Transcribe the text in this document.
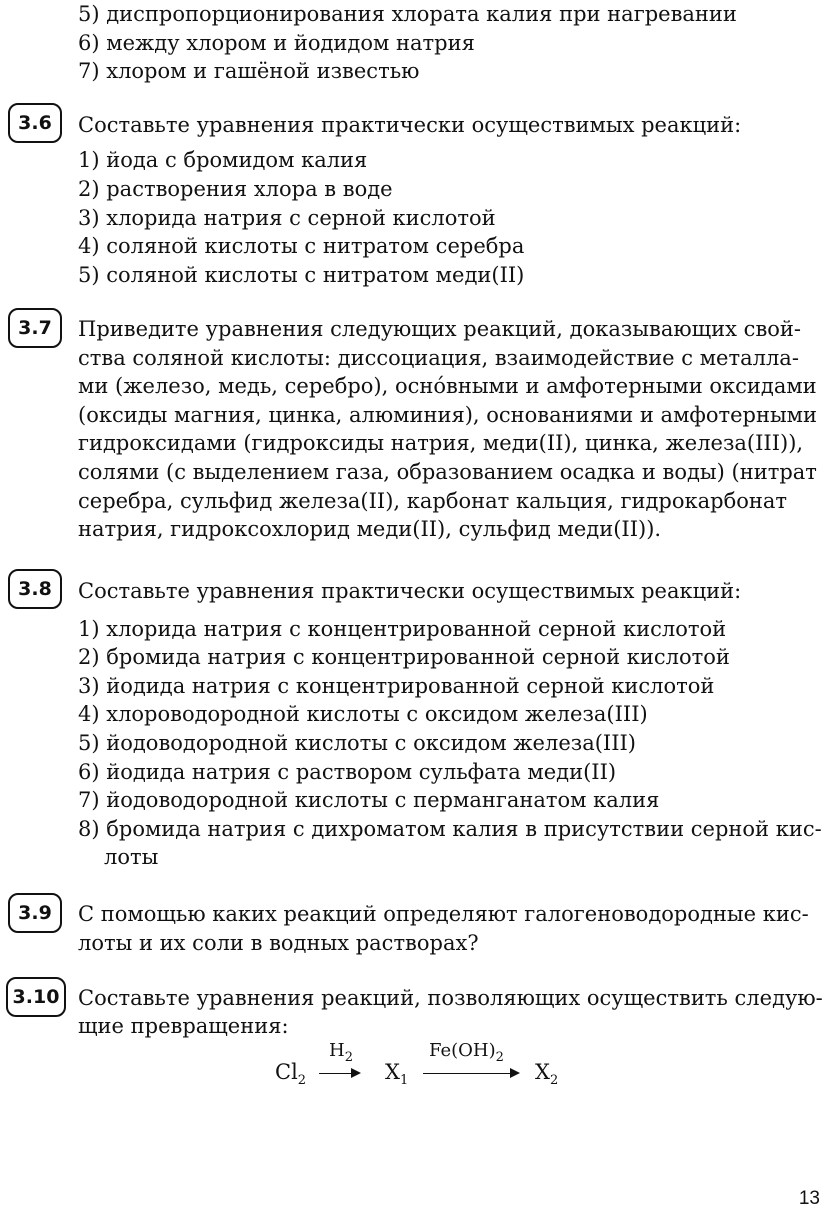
5) диспропорционирования хлората калия при нагревании
6) между хлором и йодидом натрия
7) хлором и гашёной известью
3.6	Составьте уравнения практически осуществимых реакций:
1) йода с бромидом калия
2) растворения хлора в воде
3) хлорида натрия с серной кислотой
4) соляной кислоты с нитратом серебра
5) соляной кислоты с нитратом меди(II)
3.7	Приведите уравнения следующих реакций, доказывающих свой-
ства соляной кислоты: диссоциация, взаимодействие с металла-
ми (железо, медь, серебро), оснóвными и амфотерными оксидами
(оксиды магния, цинка, алюминия), основаниями и амфотерными
гидроксидами (гидроксиды натрия, меди(II), цинка, железа(III)),
солями (с выделением газа, образованием осадка и воды) (нитрат
серебра, сульфид железа(II), карбонат кальция, гидрокарбонат
натрия, гидроксохлорид меди(II), сульфид меди(II)).
3.8	Составьте уравнения практически осуществимых реакций:
1) хлорида натрия с концентрированной серной кислотой
2) бромида натрия с концентрированной серной кислотой
3) йодида натрия с концентрированной серной кислотой
4) хлороводородной кислоты с оксидом железа(III)
5) йодоводородной кислоты с оксидом железа(III)
6) йодида натрия с раствором сульфата меди(II)
7) йодоводородной кислоты с перманганатом калия
8) бромида натрия с дихроматом калия в присутствии серной кис-
лоты
3.9	С помощью каких реакций определяют галогеноводородные кис-
лоты и их соли в водных растворах?
3.10 Составьте уравнения реакций, позволяющих осуществить следую-
щие превращения:
$Cl_2$
$H_2$
$X_1$
$Fe(OH)_2$
$X_2$
13
